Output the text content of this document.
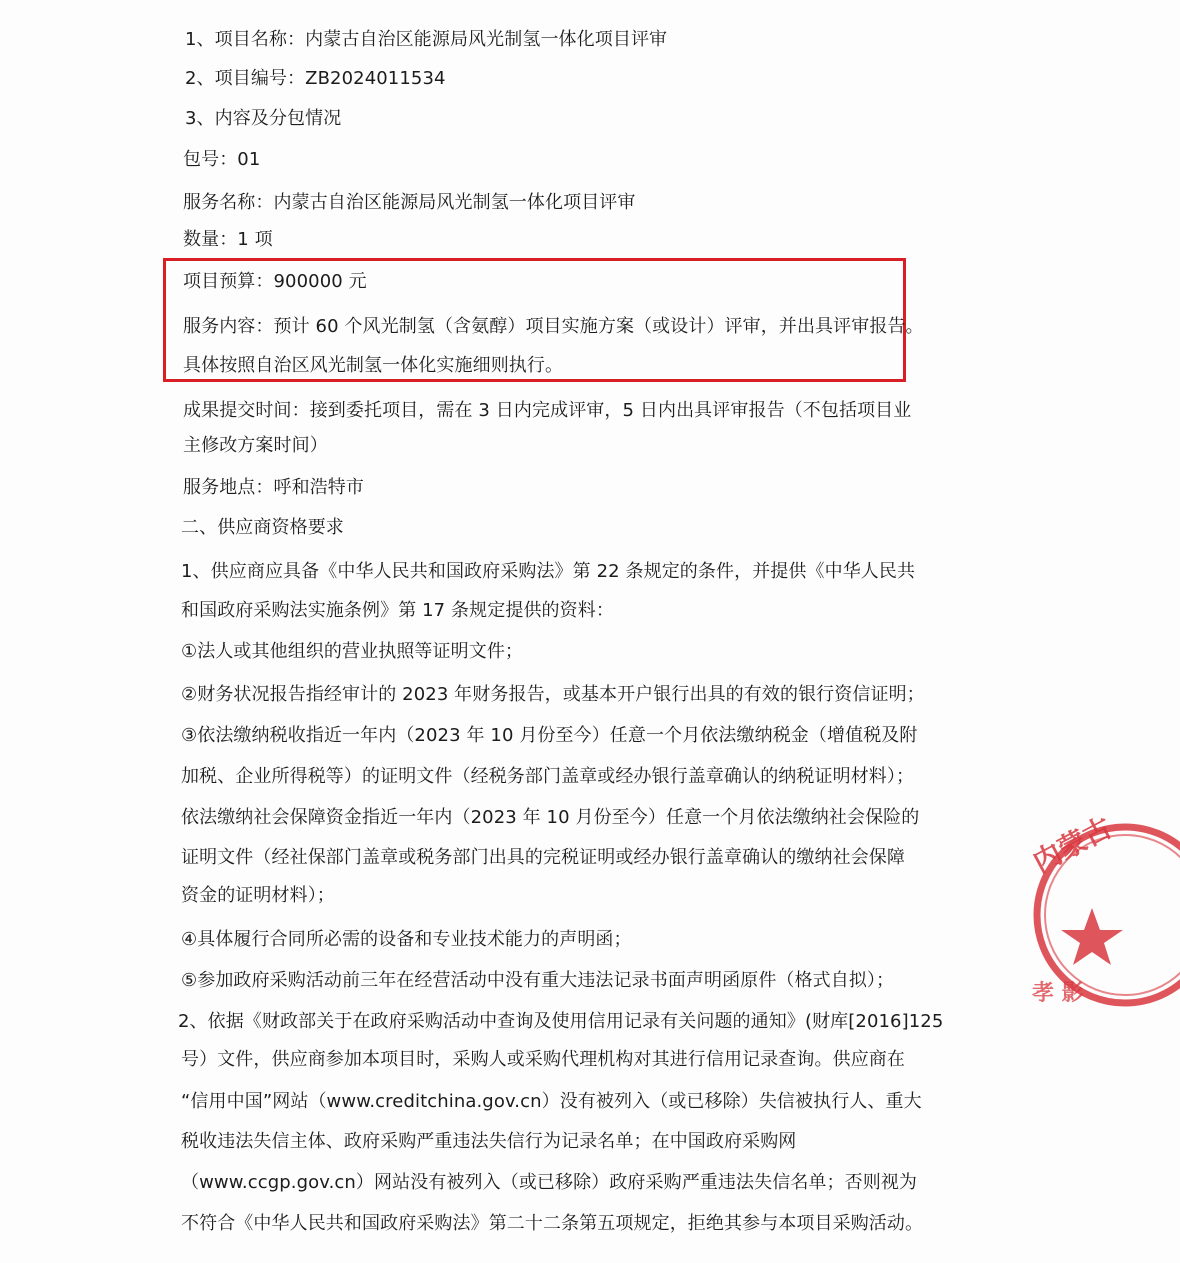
1、项目名称：内蒙古自治区能源局风光制氢一体化项目评审
2、项目编号：ZB2024011534
3、内容及分包情况
包号：01
服务名称：内蒙古自治区能源局风光制氢一体化项目评审
数量：1 项
项目预算：900000 元
服务内容：预计 60 个风光制氢（含氨醇）项目实施方案（或设计）评审，并出具评审报告。
具体按照自治区风光制氢一体化实施细则执行。
成果提交时间：接到委托项目，需在 3 日内完成评审，5 日内出具评审报告（不包括项目业
主修改方案时间）
服务地点：呼和浩特市
二、供应商资格要求
1、供应商应具备《中华人民共和国政府采购法》第 22 条规定的条件，并提供《中华人民共
和国政府采购法实施条例》第 17 条规定提供的资料：
①法人或其他组织的营业执照等证明文件；
②财务状况报告指经审计的 2023 年财务报告，或基本开户银行出具的有效的银行资信证明；
③依法缴纳税收指近一年内（2023 年 10 月份至今）任意一个月依法缴纳税金（增值税及附
加税、企业所得税等）的证明文件（经税务部门盖章或经办银行盖章确认的纳税证明材料）；
依法缴纳社会保障资金指近一年内（2023 年 10 月份至今）任意一个月依法缴纳社会保险的
证明文件（经社保部门盖章或税务部门出具的完税证明或经办银行盖章确认的缴纳社会保障
资金的证明材料）；
④具体履行合同所必需的设备和专业技术能力的声明函；
⑤参加政府采购活动前三年在经营活动中没有重大违法记录书面声明函原件（格式自拟）；
2、依据《财政部关于在政府采购活动中查询及使用信用记录有关问题的通知》(财库[2016]125
号）文件，供应商参加本项目时，采购人或采购代理机构对其进行信用记录查询。供应商在
“信用中国”网站（www.creditchina.gov.cn）没有被列入（或已移除）失信被执行人、重大
税收违法失信主体、政府采购严重违法失信行为记录名单；在中国政府采购网
（www.ccgp.gov.cn）网站没有被列入（或已移除）政府采购严重违法失信名单；否则视为
不符合《中华人民共和国政府采购法》第二十二条第五项规定，拒绝其参与本项目采购活动。
内蒙古
孝 影
